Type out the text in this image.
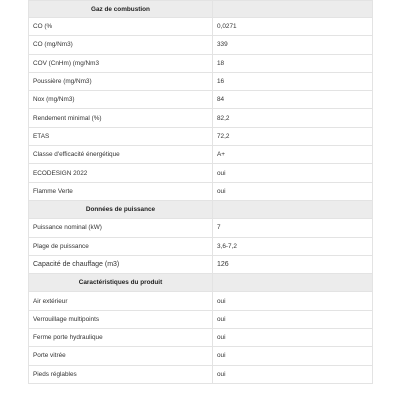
Gaz de combustion	
CO (%	0,0271
CO (mg/Nm3)	339
COV (CnHm) (mg/Nm3	18
Poussière (mg/Nm3)	16
Nox (mg/Nm3)	84
Rendement minimal (%)	82,2
ETAS	72,2
Classe d'efficacité énergétique	A+
ECODESIGN 2022	oui
Flamme Verte	oui
Données de puissance	
Puissance nominal (kW)	7
Plage de puissance	3,6-7,2
Capacité de chauffage (m3)	126
Caractéristiques du produit	
Air extérieur	oui
Verrouillage multipoints	oui
Ferme porte hydraulique	oui
Porte vitrée	oui
Pieds réglables	oui
